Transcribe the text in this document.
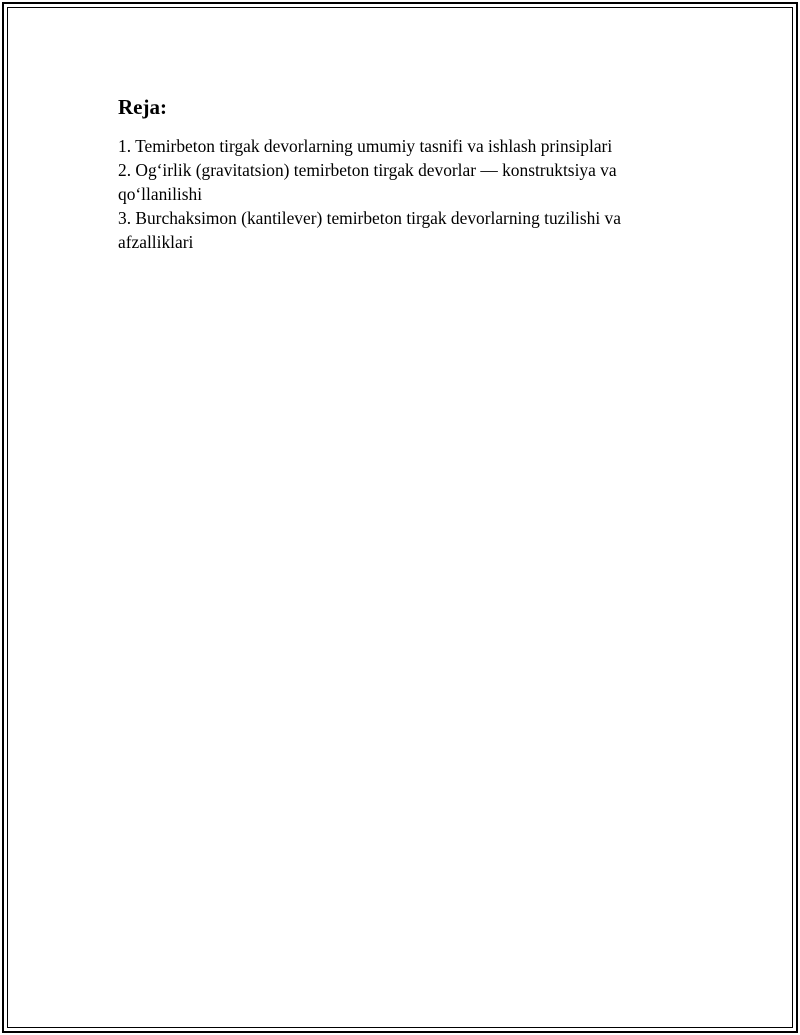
Reja:
1. Temirbeton tirgak devorlarning umumiy tasnifi va ishlash prinsiplari
2. Og‘irlik (gravitatsion) temirbeton tirgak devorlar — konstruktsiya va qo‘llanilishi
3. Burchaksimon (kantilever) temirbeton tirgak devorlarning tuzilishi va afzalliklari
